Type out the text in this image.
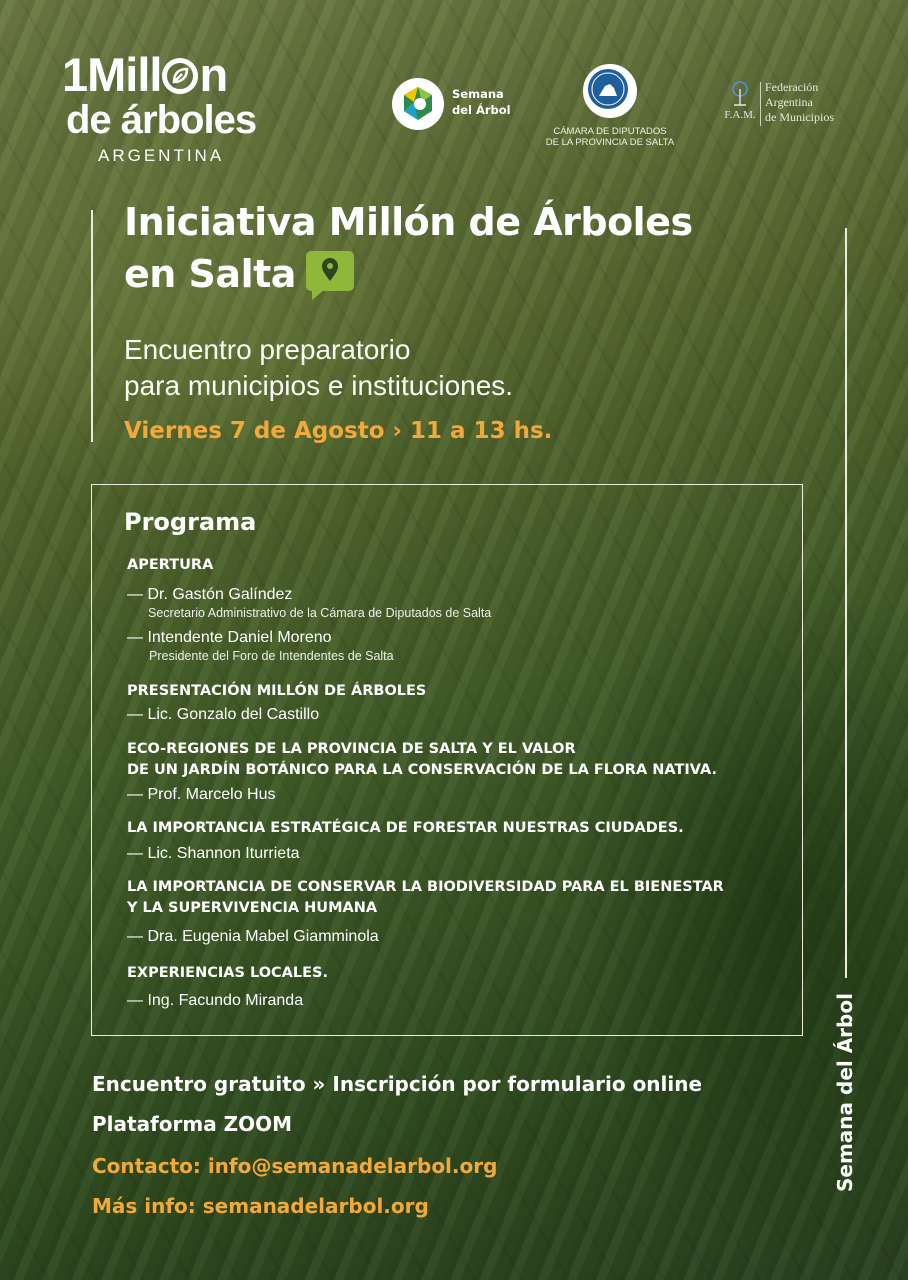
1Mill n
de árboles
ARGENTINA
Semana
del Árbol
CÁMARA DE DIPUTADOS
DE LA PROVINCIA DE SALTA
F.A.M.
Federación
Argentina
de Municipios
Iniciativa Millón de Árboles
en Salta
Encuentro preparatorio
para municipios e instituciones.
Viernes 7 de Agosto › 11 a 13 hs.
Programa
APERTURA
— Dr. Gastón Galíndez
Secretario Administrativo de la Cámara de Diputados de Salta
— Intendente Daniel Moreno
Presidente del Foro de Intendentes de Salta
PRESENTACIÓN MILLÓN DE ÁRBOLES
— Lic. Gonzalo del Castillo
ECO-REGIONES DE LA PROVINCIA DE SALTA Y EL VALOR
DE UN JARDÍN BOTÁNICO PARA LA CONSERVACIÓN DE LA FLORA NATIVA.
— Prof. Marcelo Hus
LA IMPORTANCIA ESTRATÉGICA DE FORESTAR NUESTRAS CIUDADES.
— Lic. Shannon Iturrieta
LA IMPORTANCIA DE CONSERVAR LA BIODIVERSIDAD PARA EL BIENESTAR
Y LA SUPERVIVENCIA HUMANA
— Dra. Eugenia Mabel Giamminola
EXPERIENCIAS LOCALES.
— Ing. Facundo Miranda
Encuentro gratuito » Inscripción por formulario online
Plataforma ZOOM
Contacto: info@semanadelarbol.org
Más info: semanadelarbol.org
Semana del Árbol
